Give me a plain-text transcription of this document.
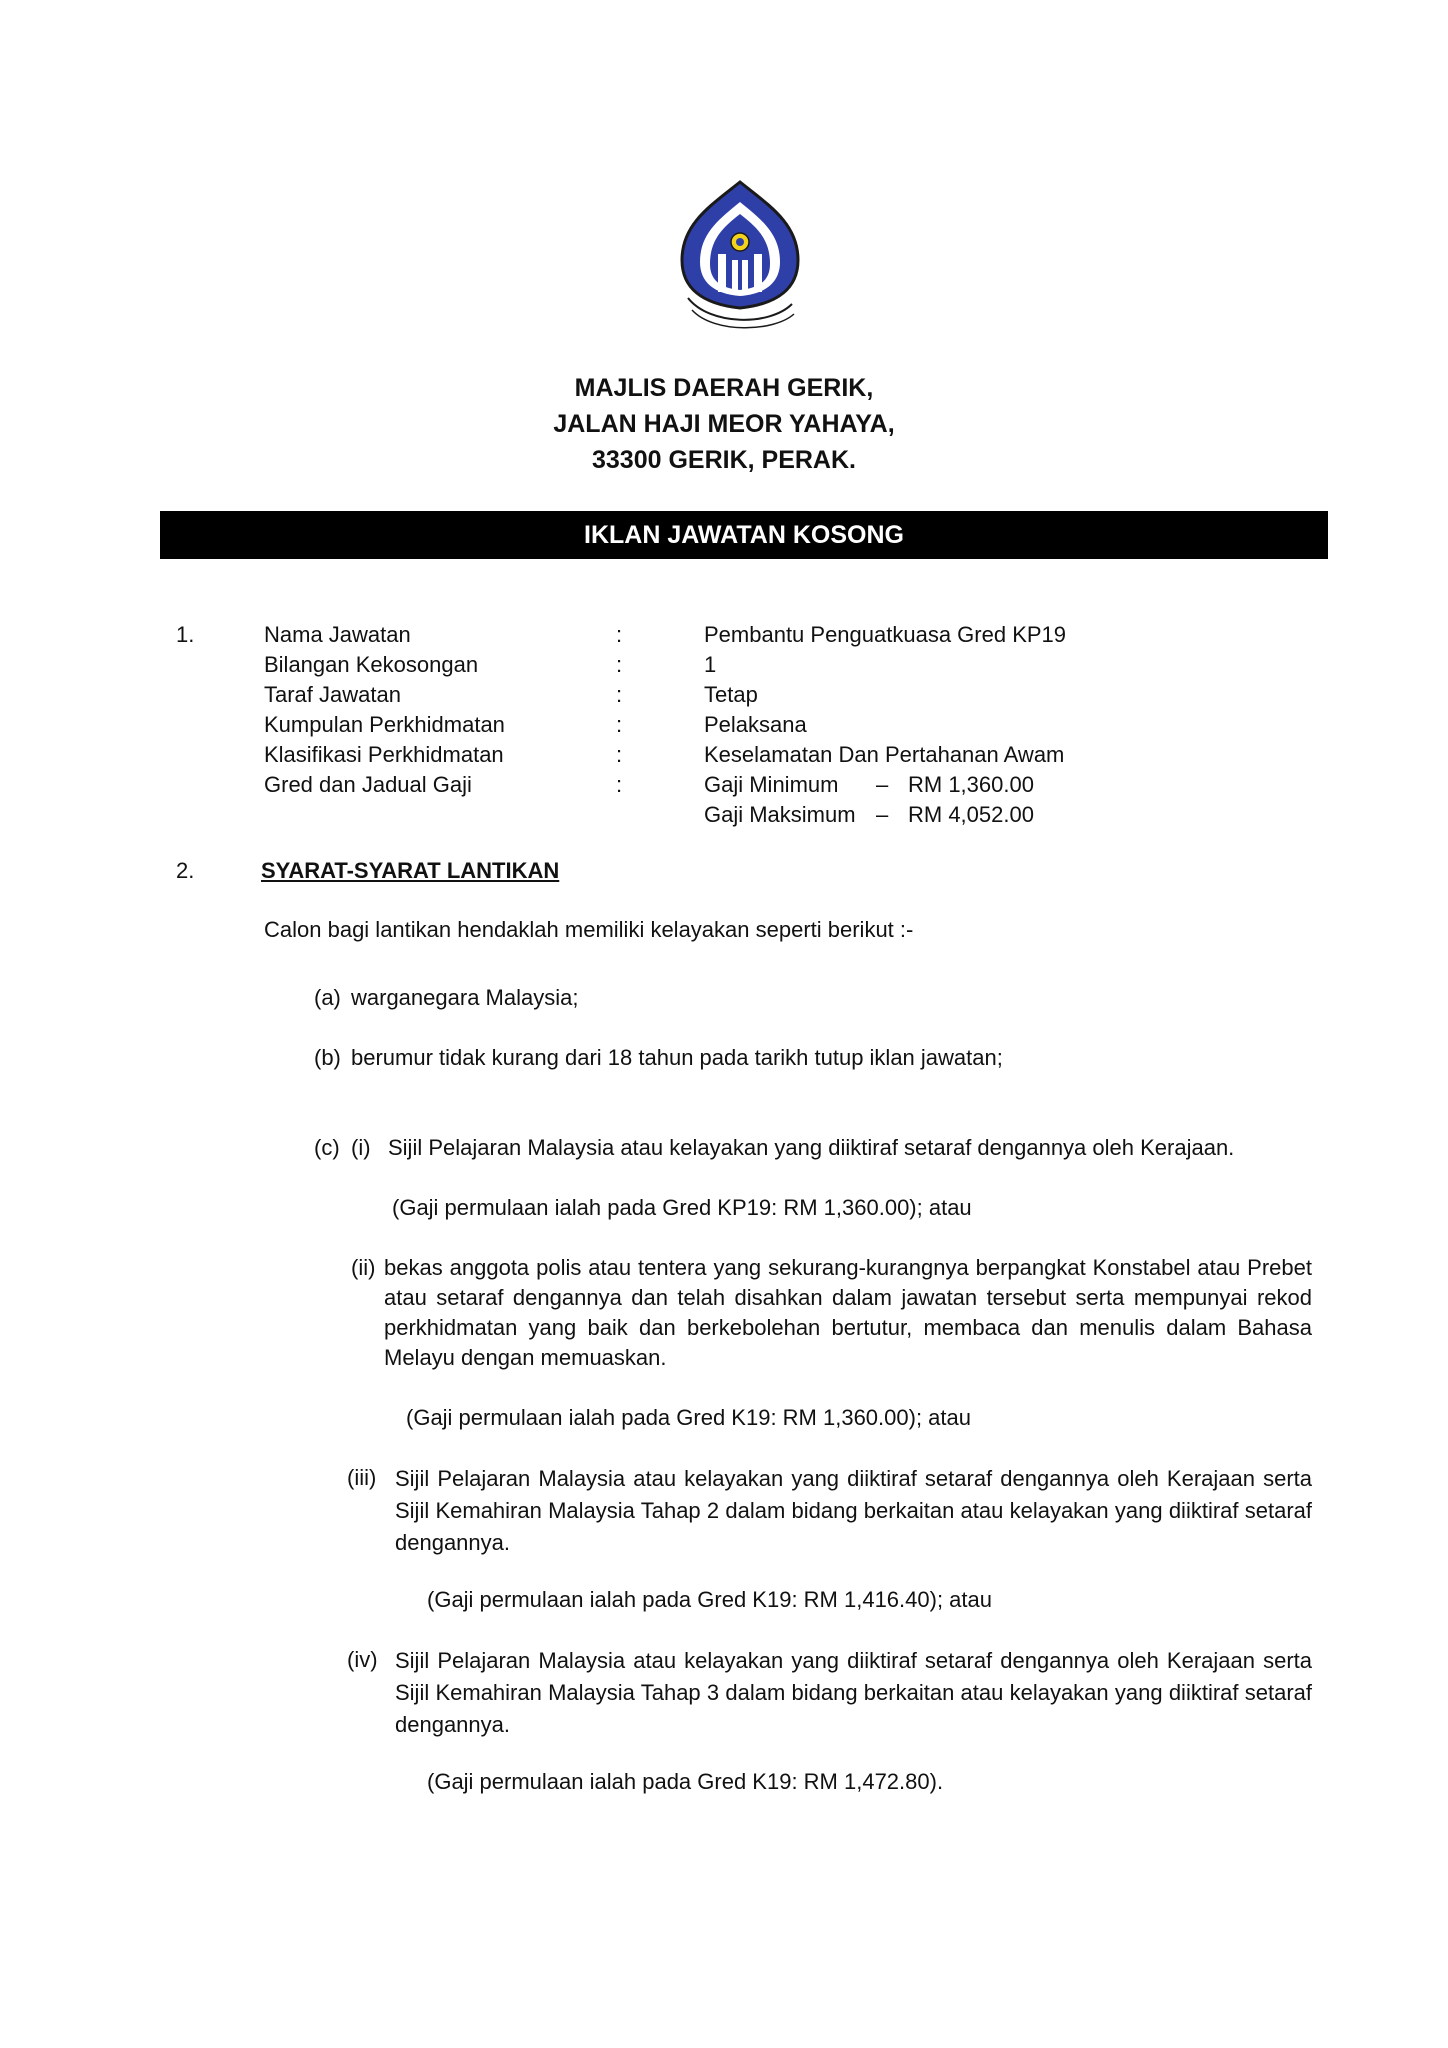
MAJLIS DAERAH GERIK,
JALAN HAJI MEOR YAHAYA,
33300 GERIK, PERAK.
IKLAN JAWATAN KOSONG
1.	Nama Jawatan	:	Pembantu Penguatkuasa Gred KP19
Bilangan Kekosongan	:	1
Taraf Jawatan	:	Tetap
Kumpulan Perkhidmatan	:	Pelaksana
Klasifikasi Perkhidmatan	:	Keselamatan Dan Pertahanan Awam
Gred dan Jadual Gaji	:	Gaji Minimum – RM 1,360.00
Gaji Maksimum – RM 4,052.00
2.	SYARAT-SYARAT LANTIKAN
Calon bagi lantikan hendaklah memiliki kelayakan seperti berikut :-
(a) warganegara Malaysia;
(b) berumur tidak kurang dari 18 tahun pada tarikh tutup iklan jawatan;
(c) (i) Sijil Pelajaran Malaysia atau kelayakan yang diiktiraf setaraf dengannya oleh Kerajaan.
(Gaji permulaan ialah pada Gred KP19: RM 1,360.00); atau
(ii) bekas anggota polis atau tentera yang sekurang-kurangnya berpangkat Konstabel atau Prebet atau setaraf dengannya dan telah disahkan dalam jawatan tersebut serta mempunyai rekod perkhidmatan yang baik dan berkebolehan bertutur, membaca dan menulis dalam Bahasa Melayu dengan memuaskan.
(Gaji permulaan ialah pada Gred K19: RM 1,360.00); atau
(iii) Sijil Pelajaran Malaysia atau kelayakan yang diiktiraf setaraf dengannya oleh Kerajaan serta Sijil Kemahiran Malaysia Tahap 2 dalam bidang berkaitan atau kelayakan yang diiktiraf setaraf dengannya.
(Gaji permulaan ialah pada Gred K19: RM 1,416.40); atau
(iv) Sijil Pelajaran Malaysia atau kelayakan yang diiktiraf setaraf dengannya oleh Kerajaan serta Sijil Kemahiran Malaysia Tahap 3 dalam bidang berkaitan atau kelayakan yang diiktiraf setaraf dengannya.
(Gaji permulaan ialah pada Gred K19: RM 1,472.80).
